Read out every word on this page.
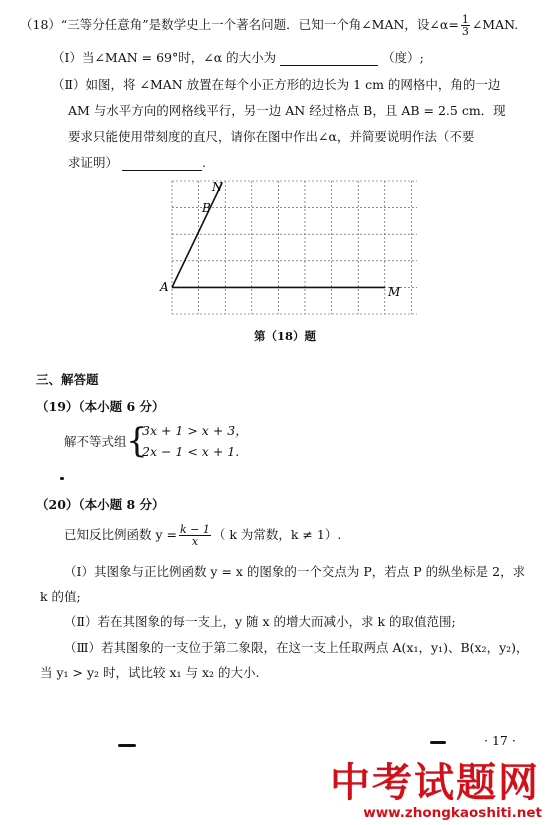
（18）“三等分任意角”是数学史上一个著名问题．已知一个角∠MAN，设∠α= $\frac{1}{3}$ ∠MAN.
（Ⅰ）当∠MAN = 69°时，∠α 的大小为	（度）;
（Ⅱ）如图，将 ∠MAN 放置在每个小正方形的边长为 1 cm 的网格中，角的一边
AM 与水平方向的网格线平行，另一边 AN 经过格点 B，且 AB = 2.5 cm．现
要求只能使用带刻度的直尺，请你在图中作出∠α，并简要说明作法（不要
求证明）	.
A	M
N
B
第（18）题
三、解答题
（19）（本小题 6 分）
解不等式组 {
3x + 1 > x + 3，
2x − 1 < x + 1.
（20）（本小题 8 分）
已知反比例函数 $y = \frac{k - 1}{x}$ （ k 为常数，k ≠ 1）.
（Ⅰ）其图象与正比例函数 y = x 的图象的一个交点为 P，若点 P 的纵坐标是 2，求
k 的值;
（Ⅱ）若在其图象的每一支上，y 随 x 的增大而减小，求 k 的取值范围;
（Ⅲ）若其图象的一支位于第二象限，在这一支上任取两点 A(x₁，y₁)、B(x₂，y₂)，
当 y₁ > y₂ 时，试比较 x₁ 与 x₂ 的大小.
· 17 ·
中考试题网
www.zhongkaoshiti.net
